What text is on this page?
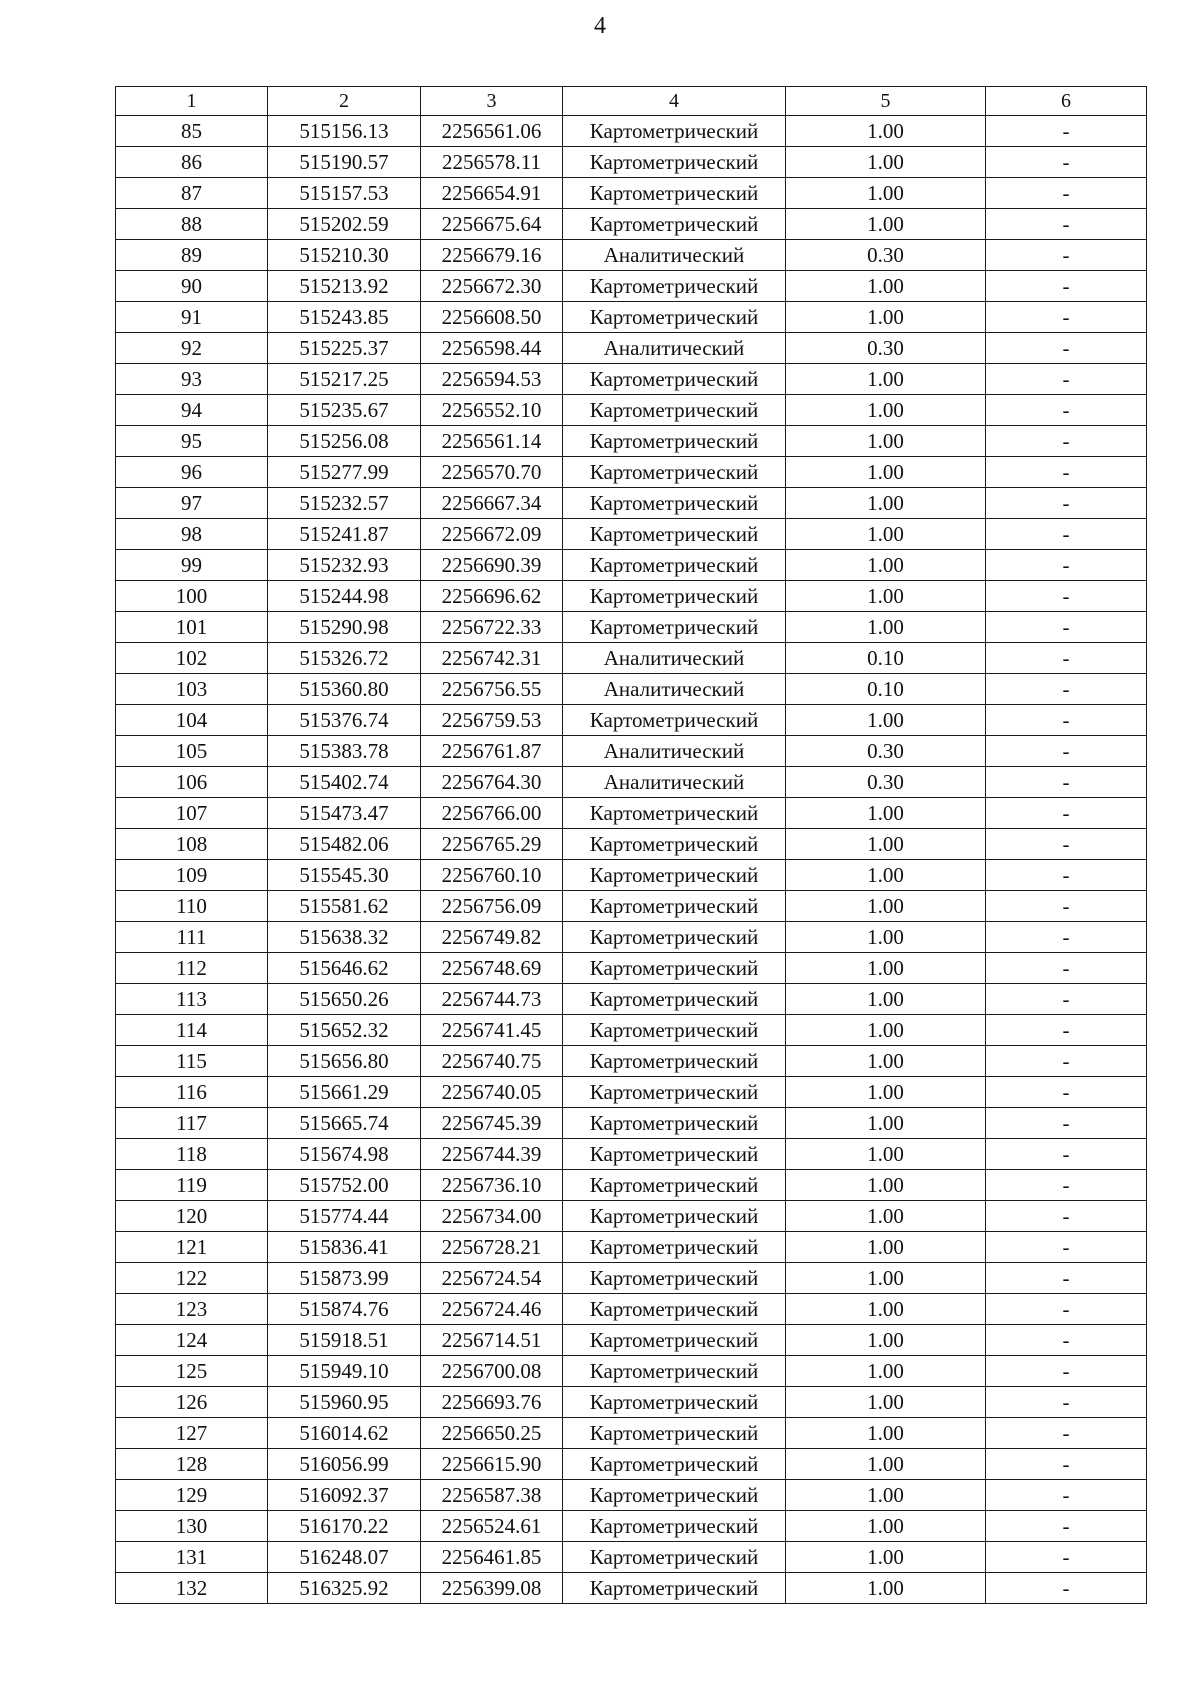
4
1	2	3	4	5	6
85	515156.13	2256561.06	Картометрический	1.00	-
86	515190.57	2256578.11	Картометрический	1.00	-
87	515157.53	2256654.91	Картометрический	1.00	-
88	515202.59	2256675.64	Картометрический	1.00	-
89	515210.30	2256679.16	Аналитический	0.30	-
90	515213.92	2256672.30	Картометрический	1.00	-
91	515243.85	2256608.50	Картометрический	1.00	-
92	515225.37	2256598.44	Аналитический	0.30	-
93	515217.25	2256594.53	Картометрический	1.00	-
94	515235.67	2256552.10	Картометрический	1.00	-
95	515256.08	2256561.14	Картометрический	1.00	-
96	515277.99	2256570.70	Картометрический	1.00	-
97	515232.57	2256667.34	Картометрический	1.00	-
98	515241.87	2256672.09	Картометрический	1.00	-
99	515232.93	2256690.39	Картометрический	1.00	-
100	515244.98	2256696.62	Картометрический	1.00	-
101	515290.98	2256722.33	Картометрический	1.00	-
102	515326.72	2256742.31	Аналитический	0.10	-
103	515360.80	2256756.55	Аналитический	0.10	-
104	515376.74	2256759.53	Картометрический	1.00	-
105	515383.78	2256761.87	Аналитический	0.30	-
106	515402.74	2256764.30	Аналитический	0.30	-
107	515473.47	2256766.00	Картометрический	1.00	-
108	515482.06	2256765.29	Картометрический	1.00	-
109	515545.30	2256760.10	Картометрический	1.00	-
110	515581.62	2256756.09	Картометрический	1.00	-
111	515638.32	2256749.82	Картометрический	1.00	-
112	515646.62	2256748.69	Картометрический	1.00	-
113	515650.26	2256744.73	Картометрический	1.00	-
114	515652.32	2256741.45	Картометрический	1.00	-
115	515656.80	2256740.75	Картометрический	1.00	-
116	515661.29	2256740.05	Картометрический	1.00	-
117	515665.74	2256745.39	Картометрический	1.00	-
118	515674.98	2256744.39	Картометрический	1.00	-
119	515752.00	2256736.10	Картометрический	1.00	-
120	515774.44	2256734.00	Картометрический	1.00	-
121	515836.41	2256728.21	Картометрический	1.00	-
122	515873.99	2256724.54	Картометрический	1.00	-
123	515874.76	2256724.46	Картометрический	1.00	-
124	515918.51	2256714.51	Картометрический	1.00	-
125	515949.10	2256700.08	Картометрический	1.00	-
126	515960.95	2256693.76	Картометрический	1.00	-
127	516014.62	2256650.25	Картометрический	1.00	-
128	516056.99	2256615.90	Картометрический	1.00	-
129	516092.37	2256587.38	Картометрический	1.00	-
130	516170.22	2256524.61	Картометрический	1.00	-
131	516248.07	2256461.85	Картометрический	1.00	-
132	516325.92	2256399.08	Картометрический	1.00	-
